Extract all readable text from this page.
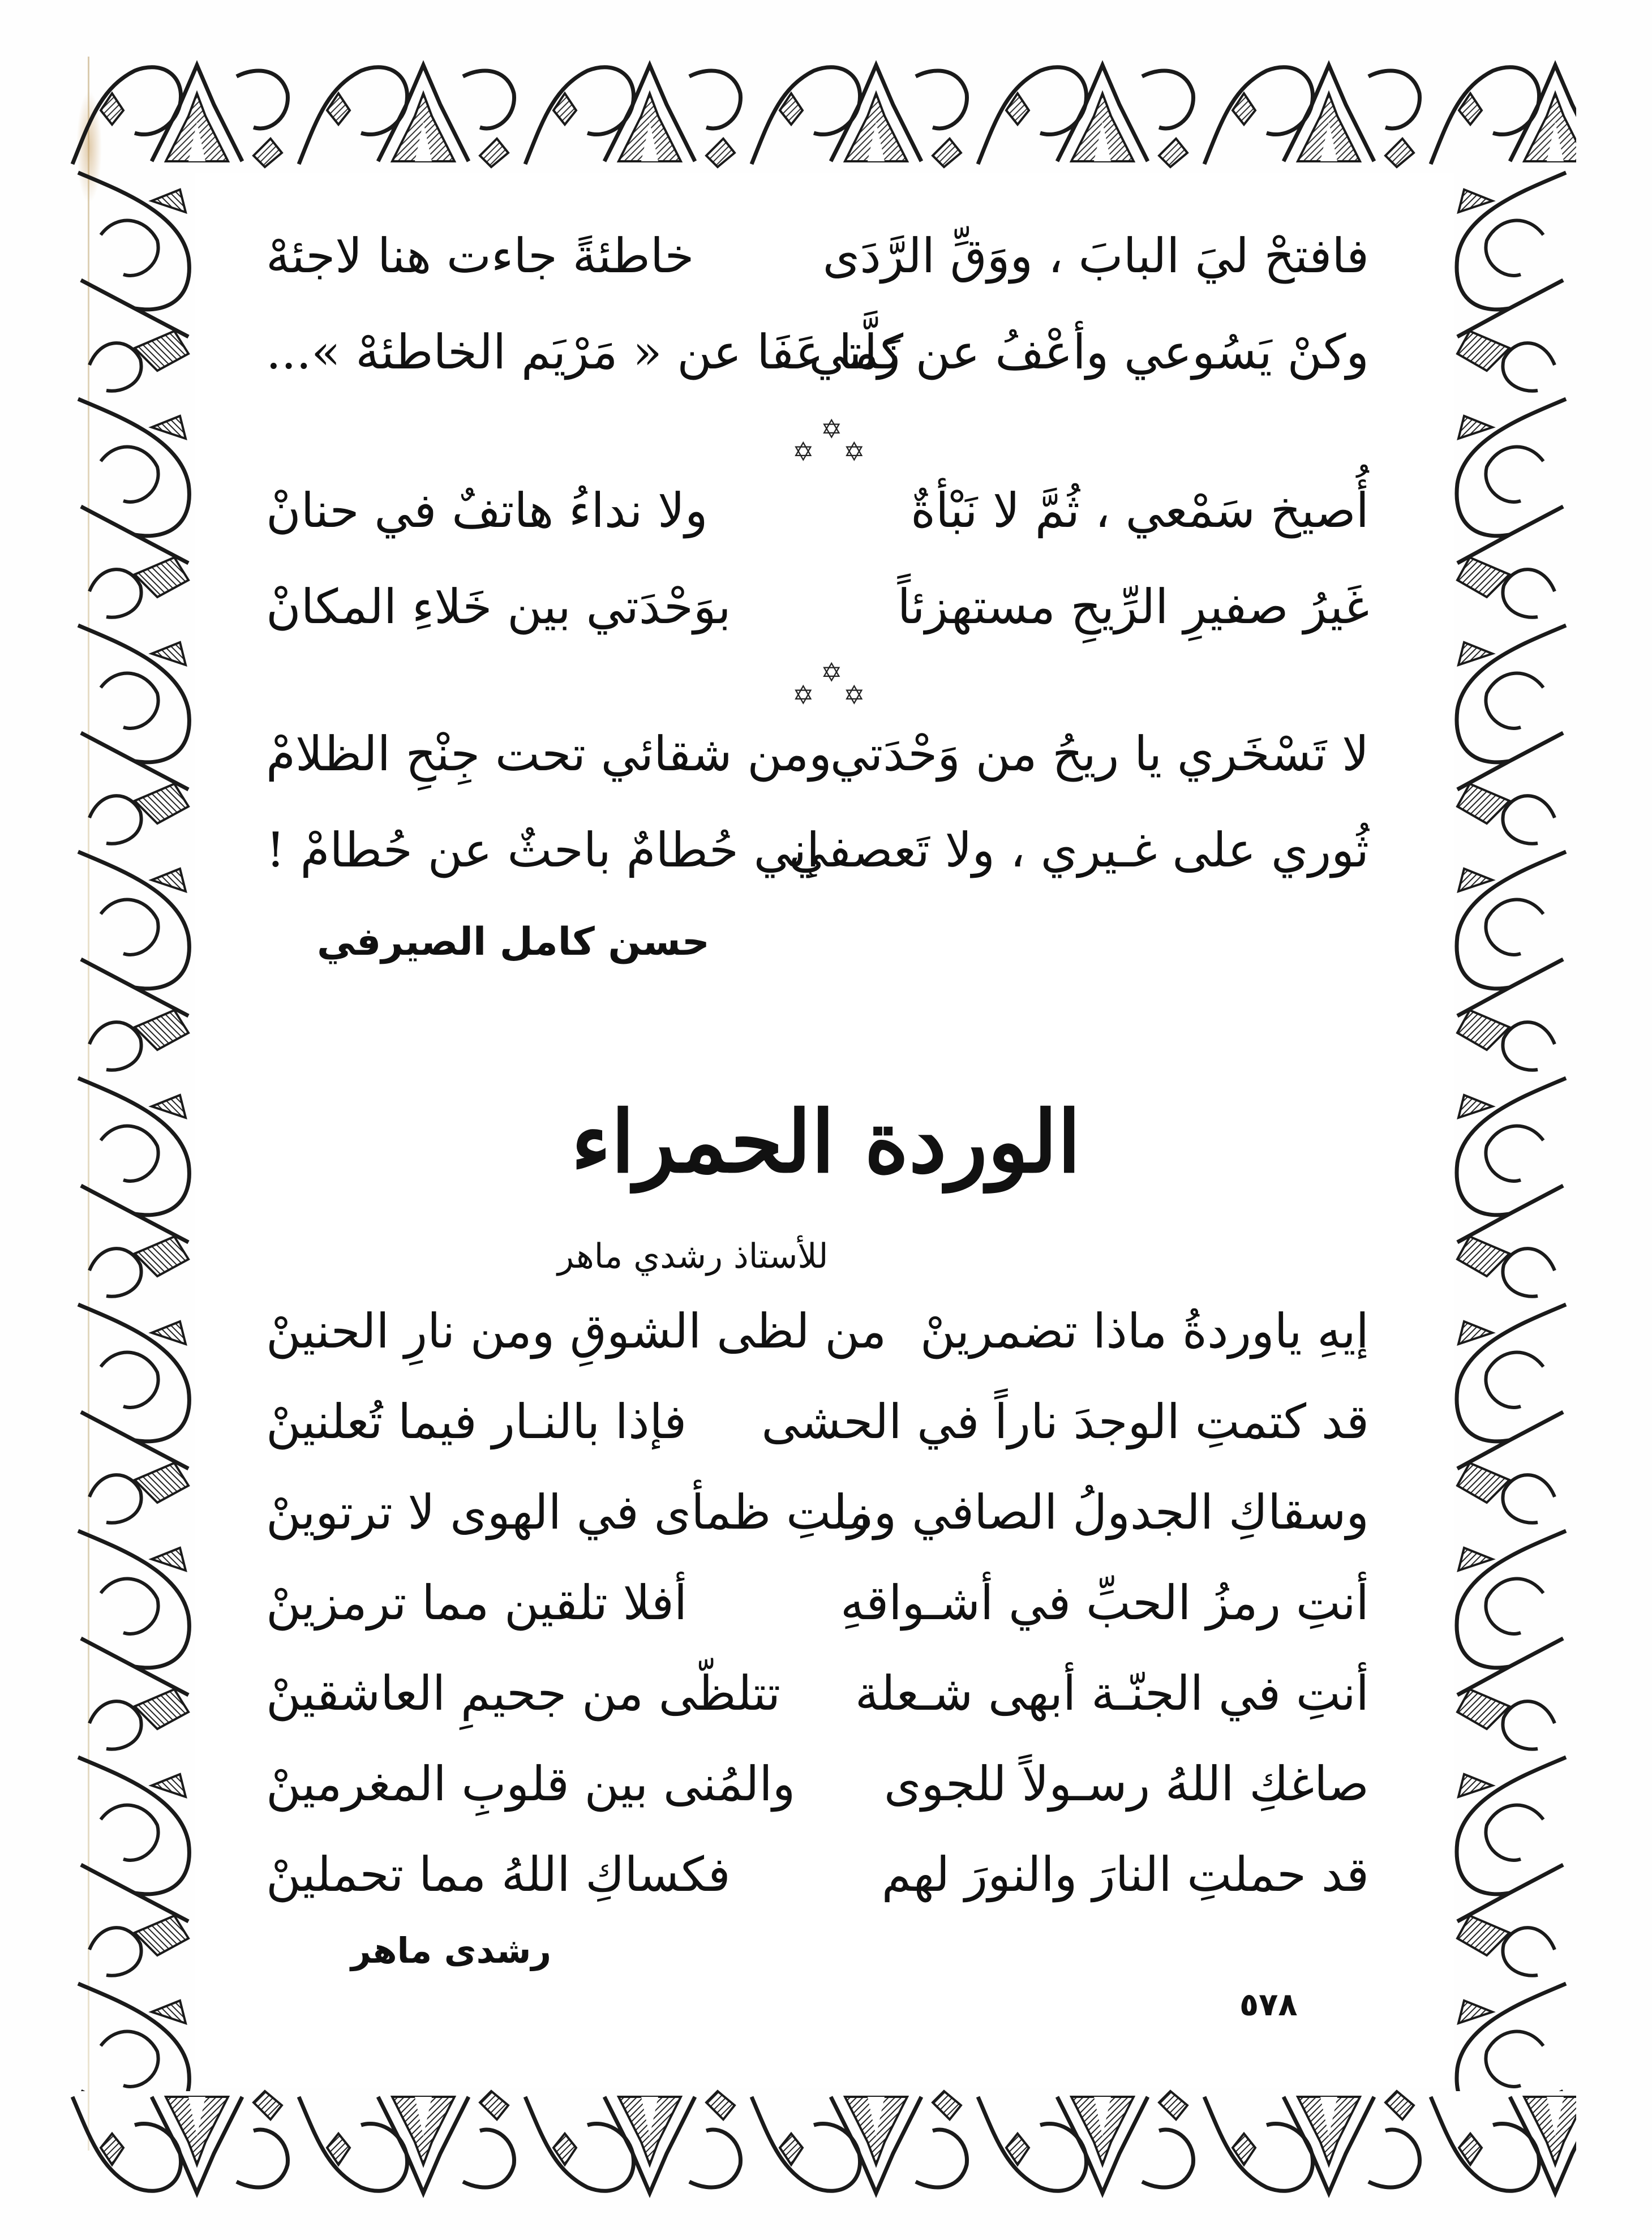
فافتحْ ليَ البابَ ، ووَقِّ الرَّدَى
خاطئةً جاءت هنا لاجئهْ
وكنْ يَسُوعي وأعْفُ عن زَلَّتي
كما عَفَا عن « مَرْيَم الخاطئهْ »...
✡
✡ ✡
أُصيخ سَمْعي ، ثُمَّ لا نَبْأةٌ
ولا نداءُ هاتفٌ في حنانْ
غَيرُ صفيرِ الرِّيحِ مستهزئاً
بوَحْدَتي بين خَلاءِ المكانْ
✡
✡ ✡
لا تَسْخَري يا ريحُ من وَحْدَتي
ومن شقائي تحت جِنْحِ الظلامْ
ثُوري على غـيري ، ولا تَعصفي
إني حُطامٌ باحثٌ عن حُطامْ !
حسن كامل الصيرفي
الوردة الحمراء
للأستاذ رشدي ماهر
إيهِ ياوردةُ ماذا تضمرينْ
من لظى الشوقِ ومن نارِ الحنينْ
قد كتمتِ الوجدَ ناراً في الحشى
فإذا بالنـار فيما تُعلنينْ
وسقاكِ الجدولُ الصافي وما
زلتِ ظمأى في الهوى لا ترتوينْ
أنتِ رمزُ الحبِّ في أشـواقهِ
أفلا تلقين مما ترمزينْ
أنتِ في الجنّـة أبهى شـعلة
تتلظّى من جحيمِ العاشقينْ
صاغكِ اللهُ رسـولاً للجوى
والمُنى بين قلوبِ المغرمينْ
قد حملتِ النارَ والنورَ لهم
فكساكِ اللهُ مما تحملينْ
رشدى ماهر
٥٧٨
